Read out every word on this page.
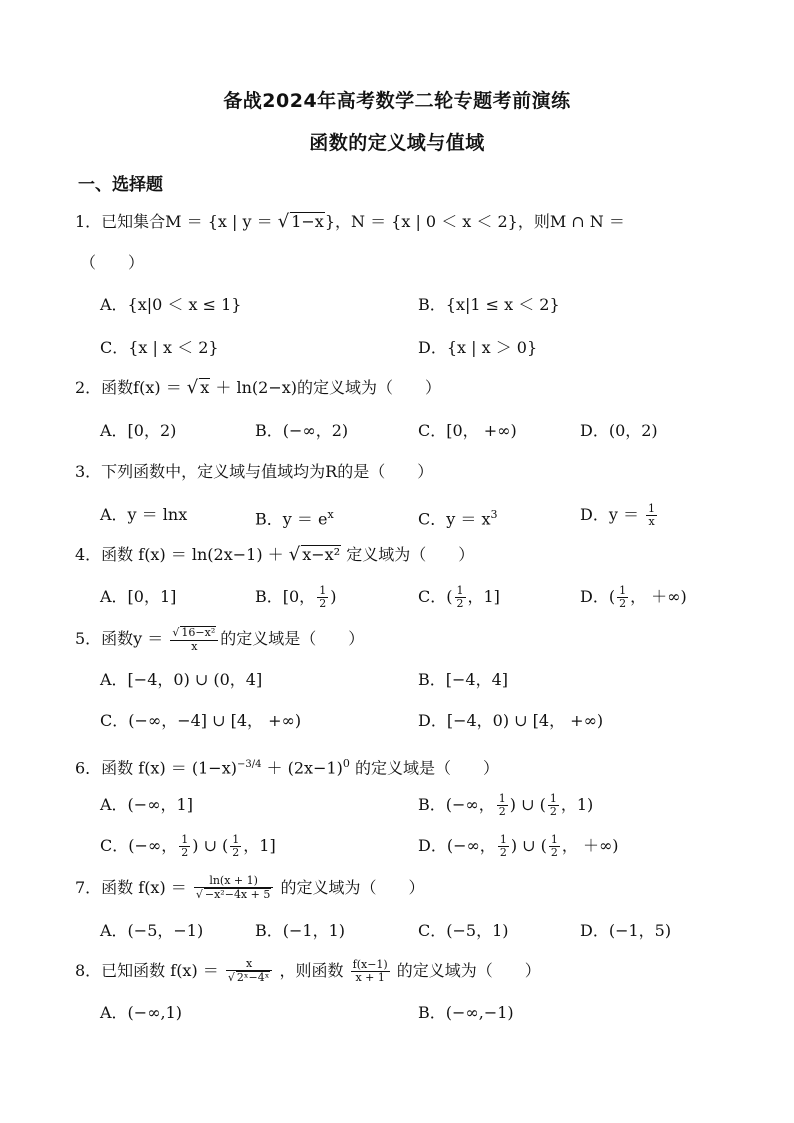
备战2024年高考数学二轮专题考前演练
函数的定义域与值域
一、选择题
1．已知集合M ＝ {x | y ＝ √ 1−x}，N ＝ {x | 0 ＜ x ＜ 2}，则M ∩ N ＝
（　　）
A．{x|0 ＜ x ≤ 1}	B．{x|1 ≤ x ＜ 2}
C．{x | x ＜ 2}	D．{x | x ＞ 0}
2．函数f(x) ＝ √ x ＋ ln(2−x)的定义域为（　　）
A．[0，2)	B．(−∞，2)	C．[0， +∞)	D．(0，2)
3．下列函数中，定义域与值域均为R的是（　　）
A．y ＝ lnx	B．$y = e^x$	C．$y = x^3$	D．$y = \frac{1}{x}$
4．函数 f(x) ＝ ln(2x−1) ＋ √ x−x² 定义域为（　　）
A．[0，1]	B．[0， $\frac{1}{2}$ )	C．( $\frac{1}{2}$ ，1]	D．( $\frac{1}{2}$ ， ＋∞)
5．函数$y = \frac{\text{√ 16−x²}}{x}$ 的定义域是（　　）
A．[−4，0) ∪ (0，4]	B．[−4，4]
C．(−∞，−4] ∪ [4， +∞)	D．[−4，0) ∪ [4， +∞)
6．函数 $f(x) = (1-x)^{-3/4} + (2x-1)^0$ 的定义域是（　　）
A．(−∞，1]	B．(−∞， $\frac{1}{2}$ ) ∪ ( $\frac{1}{2}$ ，1)
C．(−∞， $\frac{1}{2}$ ) ∪ ( $\frac{1}{2}$ ，1]	D．(−∞， $\frac{1}{2}$ ) ∪ ( $\frac{1}{2}$ ， ＋∞)
7．函数 $f(x) = \frac{\ln(x + 1)}{\text{√ −x²−4x + 5}}$ 的定义域为（　　）
A．(−5，−1)	B．(−1，1)	C．(−5，1)	D．(−1，5)
8．已知函数 $f(x) = \frac{x}{\text{√ 2ˣ−4ˣ}}$ ，则函数 $\frac{f(x-1)}{x + 1}$ 的定义域为（　　）
A．(−∞,1)	B．(−∞,−1)
